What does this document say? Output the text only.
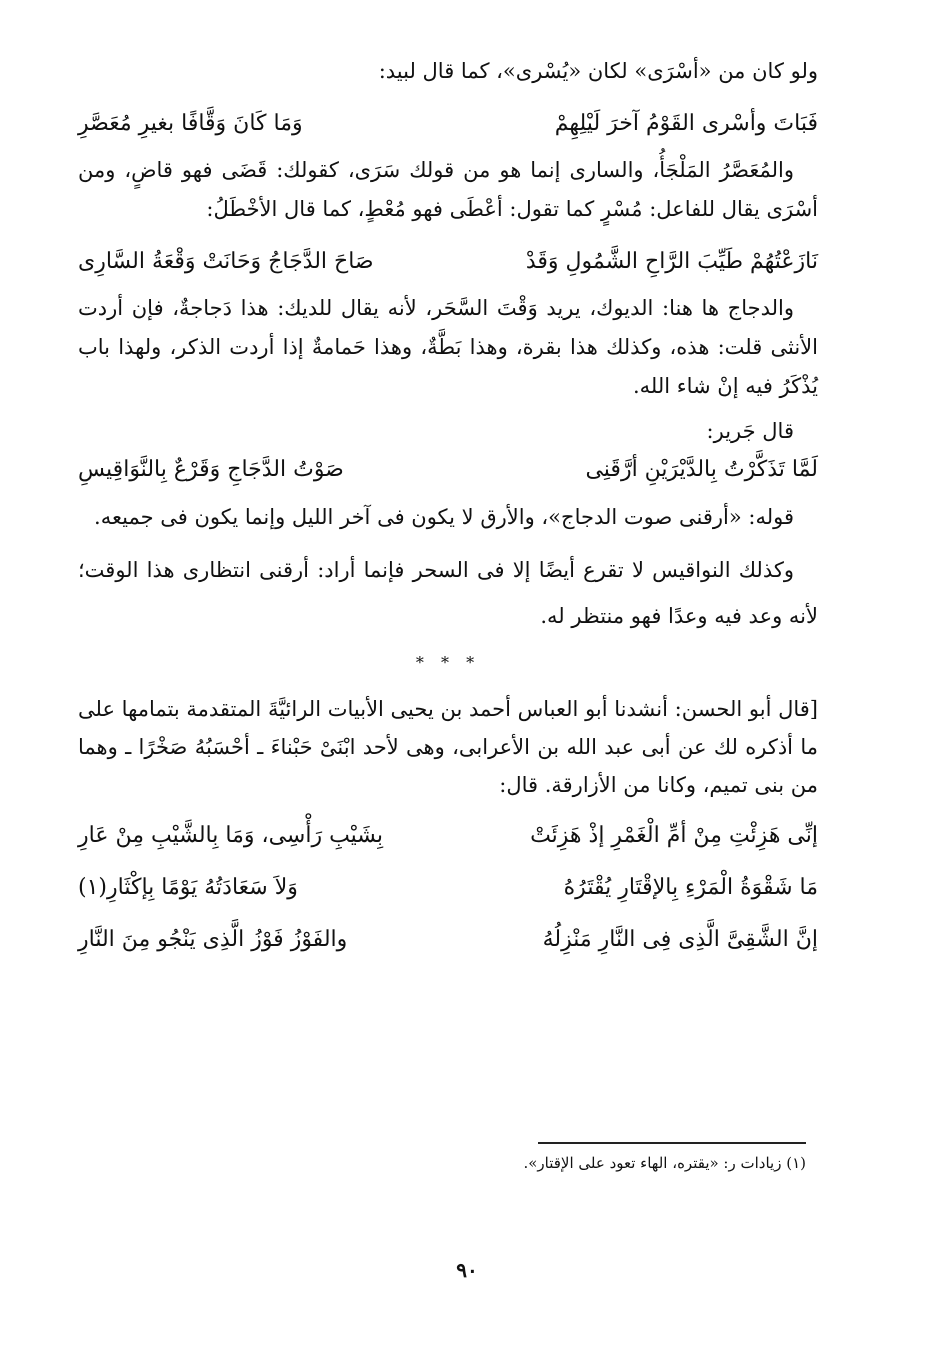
ولو كان من «أسْرَى» لكان «يُسْرى»، كما قال لبيد:

فَبَاتَ وأسْرى القَوْمُ آخرَ لَيْلِهِمْ
وَمَا كَانَ وَقَّافًا بغيرِ مُعَصَّرِ

والمُعَصَّرُ المَلْجَأُ، والسارى إنما هو من قولك سَرَى، كقولك: قَضَى فهو قاضٍ، ومن أسْرَى يقال للفاعل: مُسْرٍ كما تقول: أعْطَى فهو مُعْطٍ، كما قال الأخْطَلُ:

نَازَعْتُهُمْ طَيِّبَ الرَّاحِ الشَّمُولِ وَقَدْ
صَاحَ الدَّجَاجُ وَحَانَتْ وَقْعَةُ السَّارِى

والدجاج ها هنا: الديوك، يريد وَقْتَ السَّحَر، لأنه يقال للديك: هذا دَجاجةٌ، فإن أردت الأنثى قلت: هذه، وكذلك هذا بقرة، وهذا بَطَّةٌ، وهذا حَمامةٌ إذا أردت الذكر، ولهذا باب يُذْكَرُ فيه إنْ شاء الله.

قال جَرير:

لَمَّا تَذَكَّرْتُ بِالدَّيْرَيْنِ أرَّقَنِى
صَوْتُ الدَّجَاجِ وَقَرْعٌ بِالنَّوَاقِيسِ

قوله: «أرقنى صوت الدجاج»، والأرق لا يكون فى آخر الليل وإنما يكون فى جميعه.

وكذلك النواقيس لا تقرع أيضًا إلا فى السحر فإنما أراد: أرقنى انتظارى هذا الوقت؛ لأنه وعد فيه وعدًا فهو منتظر له.

* * *

[قال أبو الحسن: أنشدنا أبو العباس أحمد بن يحيى الأبيات الرائيَّةَ المتقدمة بتمامها على ما أذكره لك عن أبى عبد الله بن الأعرابى، وهى لأحد ابْنَىْ حَبْناءَ ـ أحْسَبُهُ صَخْرًا ـ وهما من بنى تميم، وكانا من الأزارقة. قال:

إنِّى هَزِئْتِ مِنْ أمِّ الْغَمْرِ إذْ هَزِئَتْ
بِشَيْبِ رَأْسِى، وَمَا بِالشَّيْبِ مِنْ عَارِ
مَا شَقْوَةُ الْمَرْءِ بِالإقْتَارِ يُقْتَرُهُ
وَلاَ سَعَادَتُهُ يَوْمًا بِإكْثَارِ(١)
إنَّ الشَّقِىَّ الَّذِى فِى النَّارِ مَنْزِلُهُ
والفَوْزُ فَوْزُ الَّذِى يَنْجُو مِنَ النَّارِ
(١) زيادات ر: «يقتره، الهاء تعود على الإقتار».
٩٠
